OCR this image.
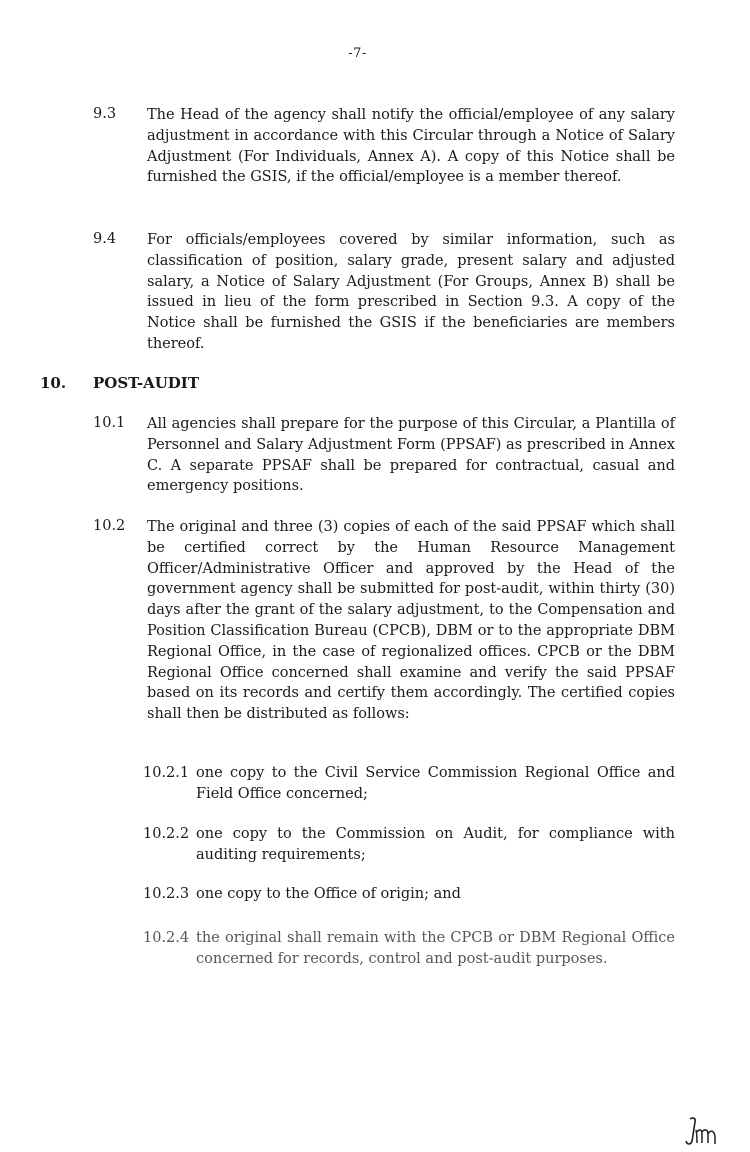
-7-
9.3 The Head of the agency shall notify the official/employee of any salary adjustment in accordance with this Circular through a Notice of Salary Adjustment (For Individuals, Annex A). A copy of this Notice shall be furnished the GSIS, if the official/employee is a member thereof.
9.4 For officials/employees covered by similar information, such as classification of position, salary grade, present salary and adjusted salary, a Notice of Salary Adjustment (For Groups, Annex B) shall be issued in lieu of the form prescribed in Section 9.3. A copy of the Notice shall be furnished the GSIS if the beneficiaries are members thereof.
10. POST-AUDIT
10.1 All agencies shall prepare for the purpose of this Circular, a Plantilla of Personnel and Salary Adjustment Form (PPSAF) as prescribed in Annex C. A separate PPSAF shall be prepared for contractual, casual and emergency positions.
10.2 The original and three (3) copies of each of the said PPSAF which shall be certified correct by the Human Resource Management Officer/Administrative Officer and approved by the Head of the government agency shall be submitted for post-audit, within thirty (30) days after the grant of the salary adjustment, to the Compensation and Position Classification Bureau (CPCB), DBM or to the appropriate DBM Regional Office, in the case of regionalized offices. CPCB or the DBM Regional Office concerned shall examine and verify the said PPSAF based on its records and certify them accordingly. The certified copies shall then be distributed as follows:
10.2.1 one copy to the Civil Service Commission Regional Office and Field Office concerned;
10.2.2 one copy to the Commission on Audit, for compliance with auditing requirements;
10.2.3 one copy to the Office of origin; and
10.2.4 the original shall remain with the CPCB or DBM Regional Office concerned for records, control and post-audit purposes.
